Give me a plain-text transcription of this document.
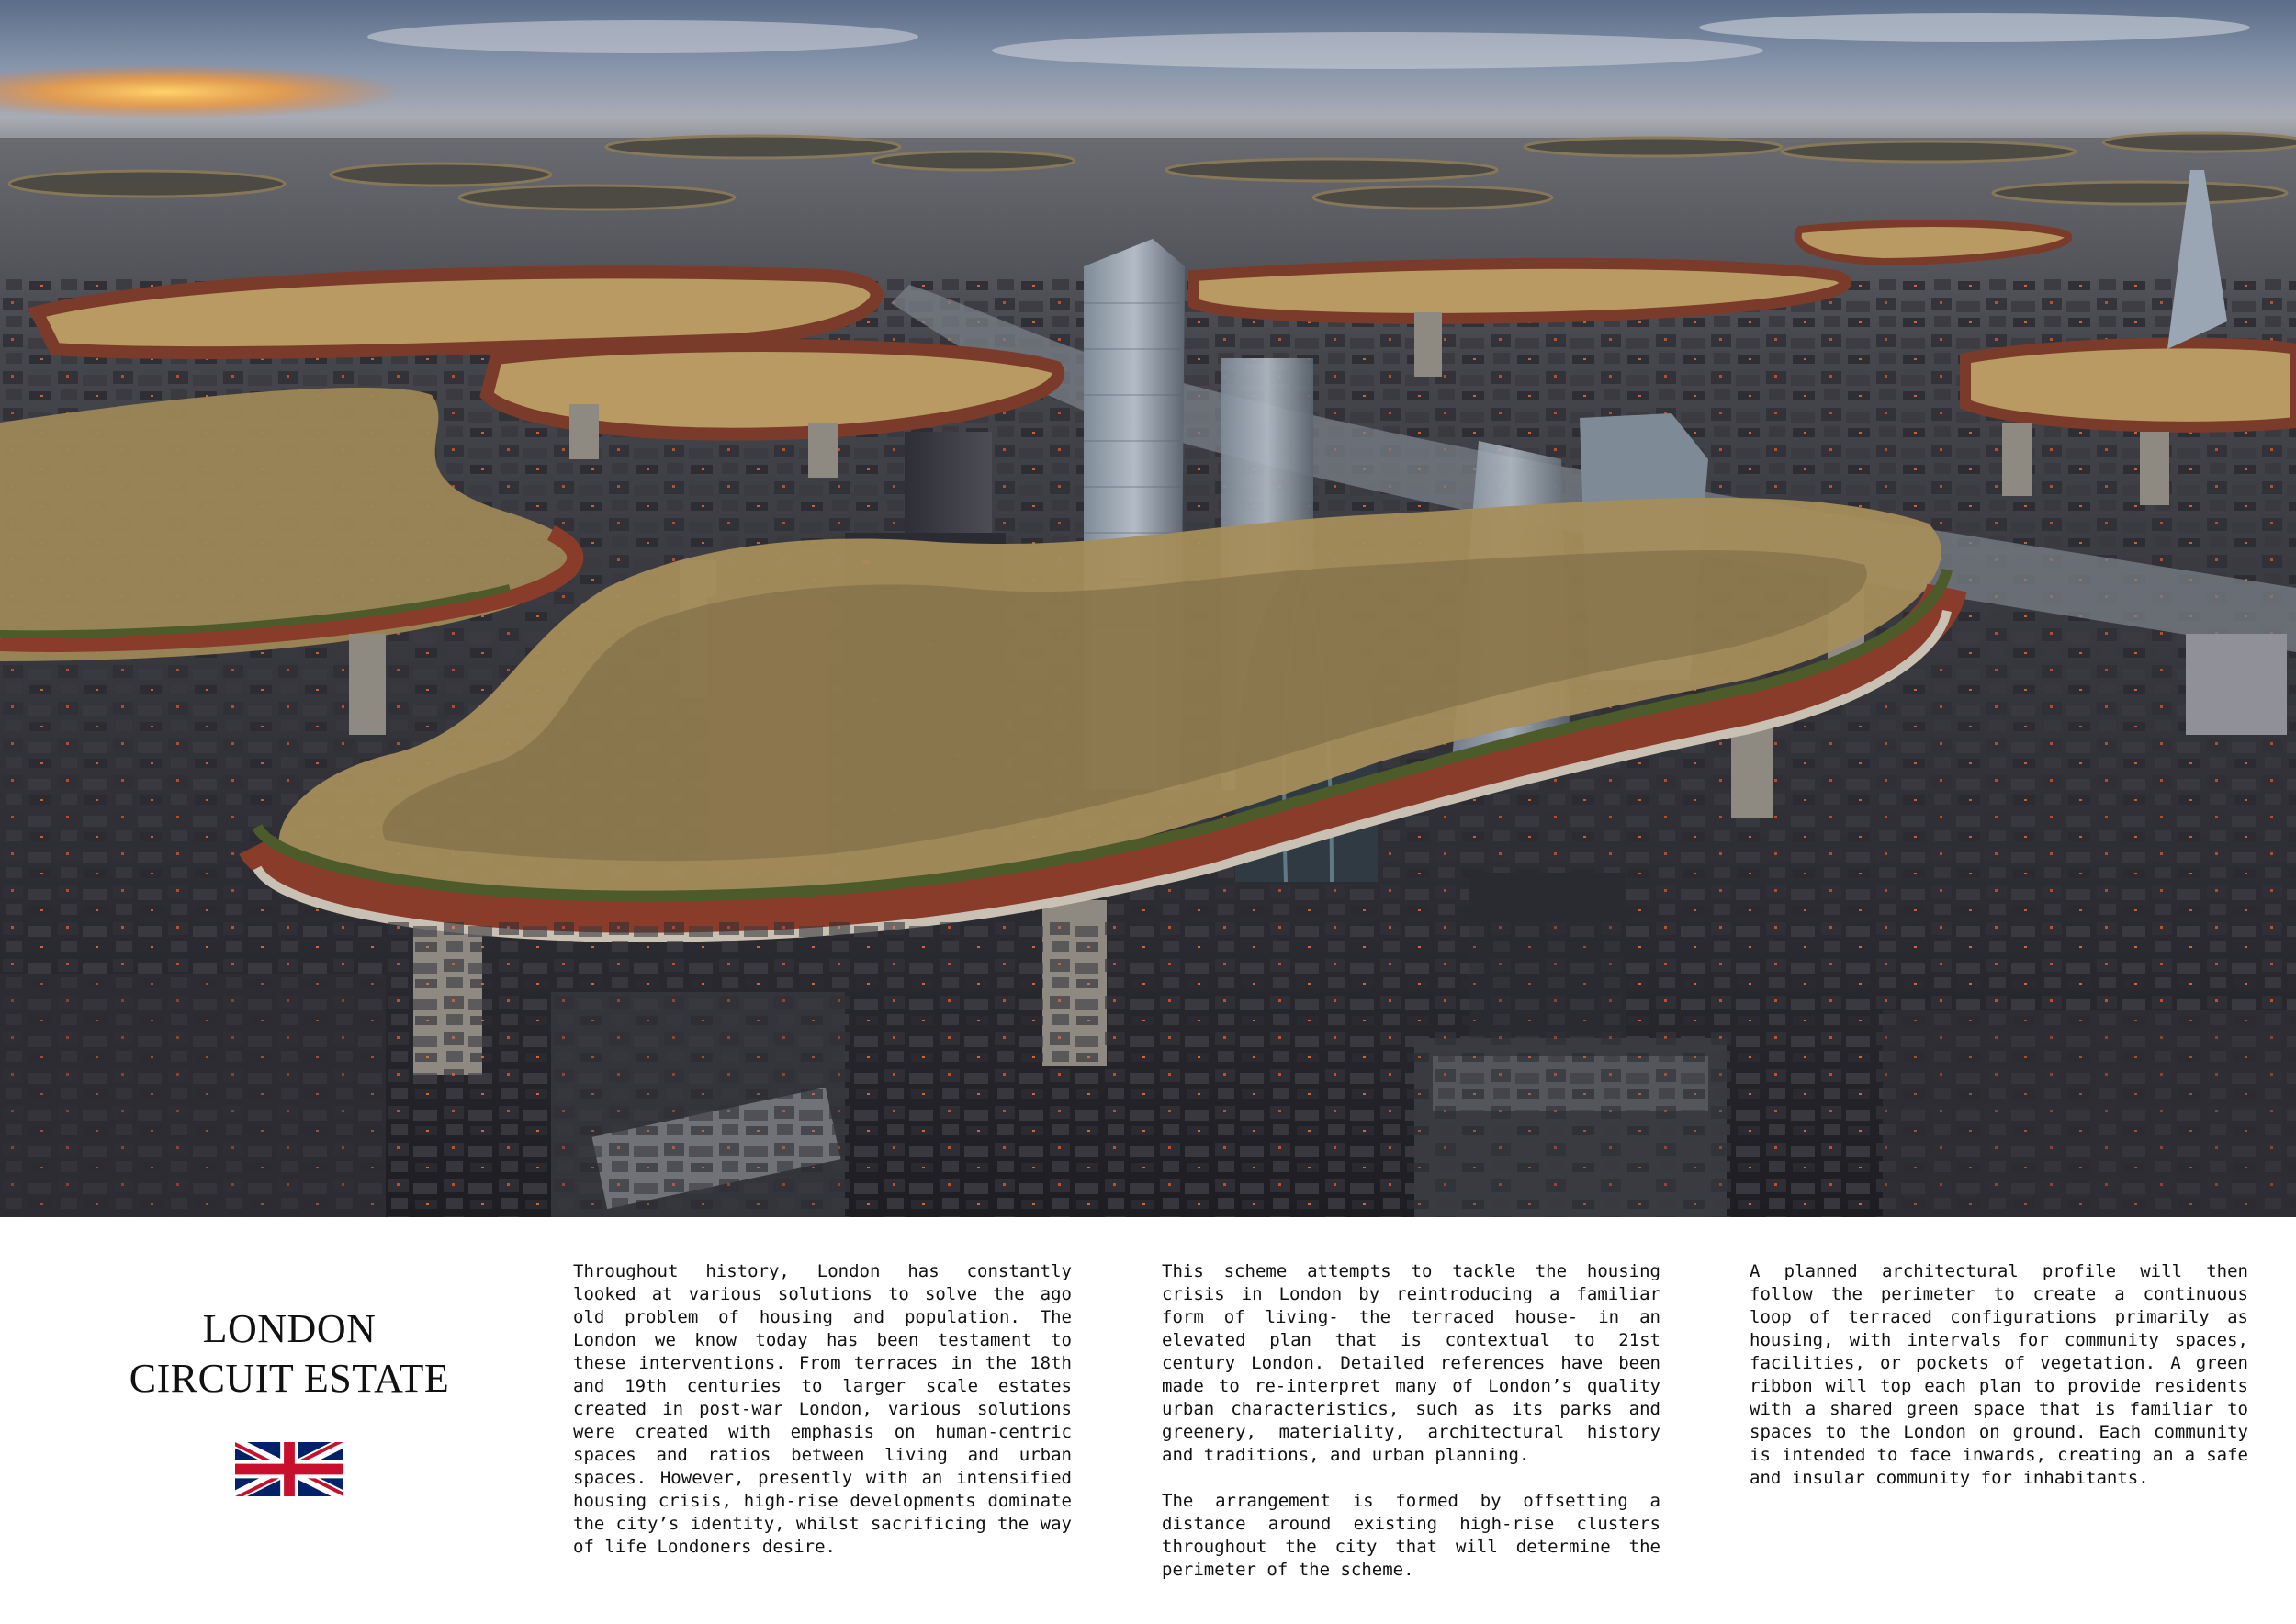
LONDON
CIRCUIT ESTATE

Throughout history, London has constantly looked at various solutions to solve the ago old problem of housing and population. The London we know today has been testament to these interventions. From terraces in the 18th and 19th centuries to larger scale estates created in post-war London, various solutions were created with emphasis on human-centric spaces and ratios between living and urban spaces. However, presently with an intensified housing crisis, high-rise developments dominate the city’s identity, whilst sacrificing the way of life Londoners desire.

This scheme attempts to tackle the housing crisis in London by reintroducing a familiar form of living- the terraced house- in an elevated plan that is contextual to 21st century London. Detailed references have been made to re-interpret many of London’s quality urban characteristics, such as its parks and greenery, materiality, architectural history and traditions, and urban planning.

The arrangement is formed by offsetting a distance around existing high-rise clusters throughout the city that will determine the perimeter of the scheme.

A planned architectural profile will then follow the perimeter to create a continuous loop of terraced configurations primarily as housing, with intervals for community spaces, facilities, or pockets of vegetation. A green ribbon will top each plan to provide residents with a shared green space that is familiar to spaces to the London on ground. Each community is intended to face inwards, creating an a safe and insular community for inhabitants.
